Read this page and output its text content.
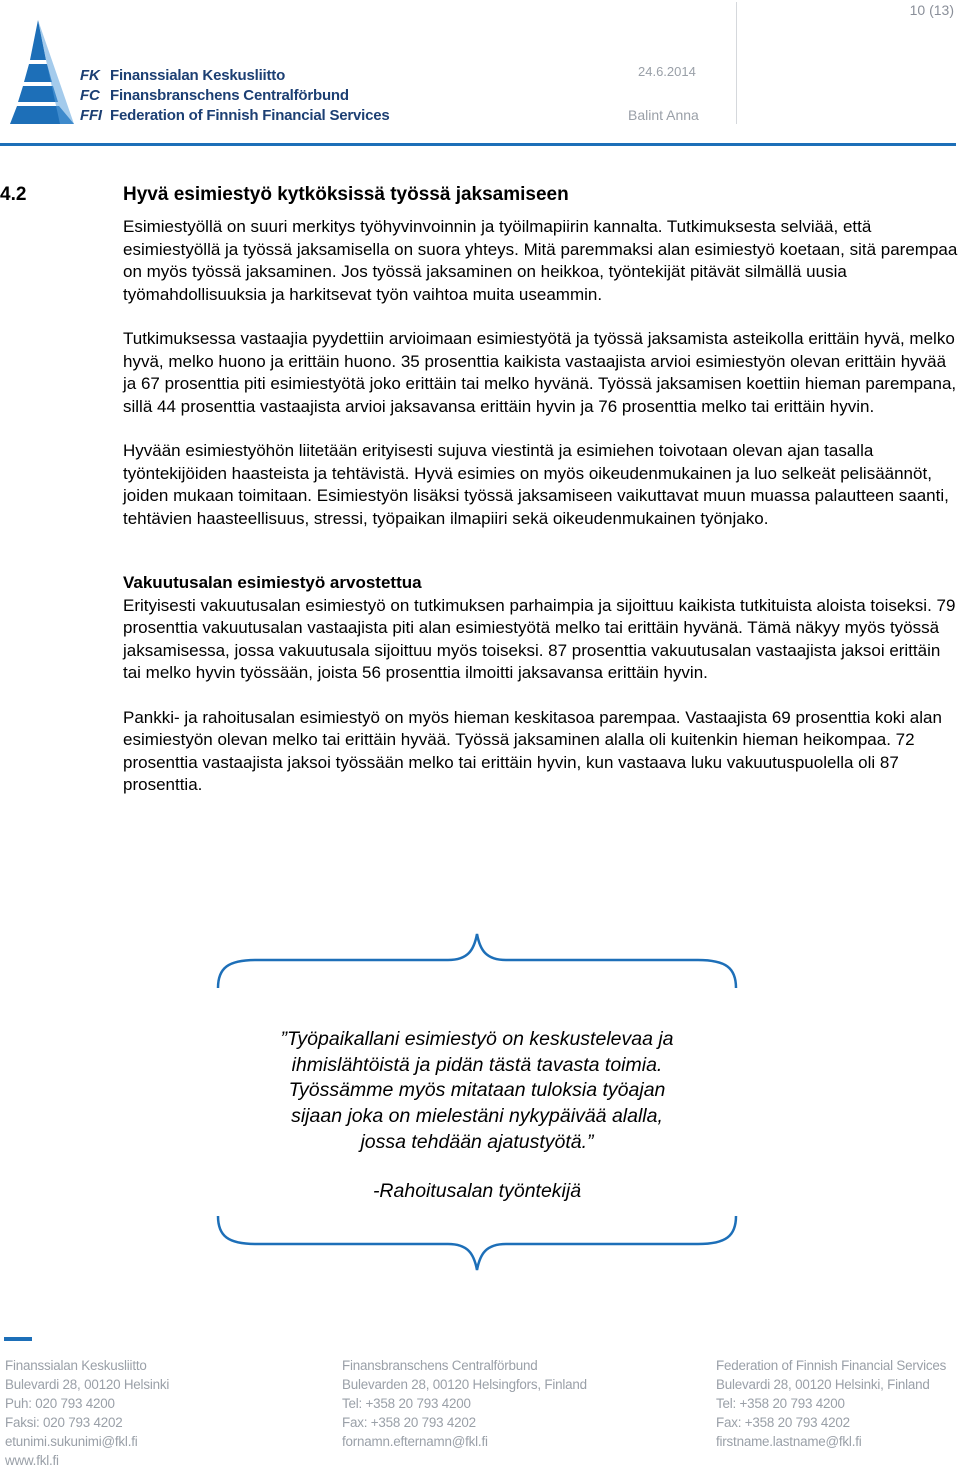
10 (13)
24.6.2014
Balint Anna
FK Finanssialan Keskusliitto
FC Finansbranschens Centralförbund
FFI Federation of Finnish Financial Services
4.2	Hyvä esimiestyö kytköksissä työssä jaksamiseen

Esimiestyöllä on suuri merkitys työhyvinvoinnin ja työilmapiirin kannalta. Tutkimuksesta selviää, että esimiestyöllä ja työssä jaksamisella on suora yhteys. Mitä paremmaksi alan esimiestyö koetaan, sitä parempaa on myös työssä jaksaminen. Jos työssä jaksaminen on heikkoa, työntekijät pitävät silmällä uusia työmahdollisuuksia ja harkitsevat työn vaihtoa muita useammin.

Tutkimuksessa vastaajia pyydettiin arvioimaan esimiestyötä ja työssä jaksamista asteikolla erittäin hyvä, melko hyvä, melko huono ja erittäin huono. 35 prosenttia kaikista vastaajista arvioi esimiestyön olevan erittäin hyvää ja 67 prosenttia piti esimiestyötä joko erittäin tai melko hyvänä. Työssä jaksamisen koettiin hieman parempana, sillä 44 prosenttia vastaajista arvioi jaksavansa erittäin hyvin ja 76 prosenttia melko tai erittäin hyvin.

Hyvään esimiestyöhön liitetään erityisesti sujuva viestintä ja esimiehen toivotaan olevan ajan tasalla työntekijöiden haasteista ja tehtävistä. Hyvä esimies on myös oikeudenmukainen ja luo selkeät pelisäännöt, joiden mukaan toimitaan. Esimiestyön lisäksi työssä jaksamiseen vaikuttavat muun muassa palautteen saanti, tehtävien haasteellisuus, stressi, työpaikan ilmapiiri sekä oikeudenmukainen työnjako.

Vakuutusalan esimiestyö arvostettua

Erityisesti vakuutusalan esimiestyö on tutkimuksen parhaimpia ja sijoittuu kaikista tutkituista aloista toiseksi. 79 prosenttia vakuutusalan vastaajista piti alan esimiestyötä melko tai erittäin hyvänä. Tämä näkyy myös työssä jaksamisessa, jossa vakuutusala sijoittuu myös toiseksi. 87 prosenttia vakuutusalan vastaajista jaksoi erittäin tai melko hyvin työssään, joista 56 prosenttia ilmoitti jaksavansa erittäin hyvin.

Pankki- ja rahoitusalan esimiestyö on myös hieman keskitasoa parempaa. Vastaajista 69 prosenttia koki alan esimiestyön olevan melko tai erittäin hyvää. Työssä jaksaminen alalla oli kuitenkin hieman heikompaa. 72 prosenttia vastaajista jaksoi työssään melko tai erittäin hyvin, kun vastaava luku vakuutuspuolella oli 87 prosenttia.

”Työpaikallani esimiestyö on keskustelevaa ja
ihmislähtöistä ja pidän tästä tavasta toimia.
Työssämme myös mitataan tuloksia työajan
sijaan joka on mielestäni nykypäivää alalla,
jossa tehdään ajatustyötä.”
-Rahoitusalan työntekijä
Finanssialan Keskusliitto
Bulevardi 28, 00120 Helsinki
Puh: 020 793 4200
Faksi: 020 793 4202
etunimi.sukunimi@fkl.fi
www.fkl.fi
Finansbranschens Centralförbund
Bulevarden 28, 00120 Helsingfors, Finland
Tel: +358 20 793 4200
Fax: +358 20 793 4202
fornamn.efternamn@fkl.fi
Federation of Finnish Financial Services
Bulevardi 28, 00120 Helsinki, Finland
Tel: +358 20 793 4200
Fax: +358 20 793 4202
firstname.lastname@fkl.fi
